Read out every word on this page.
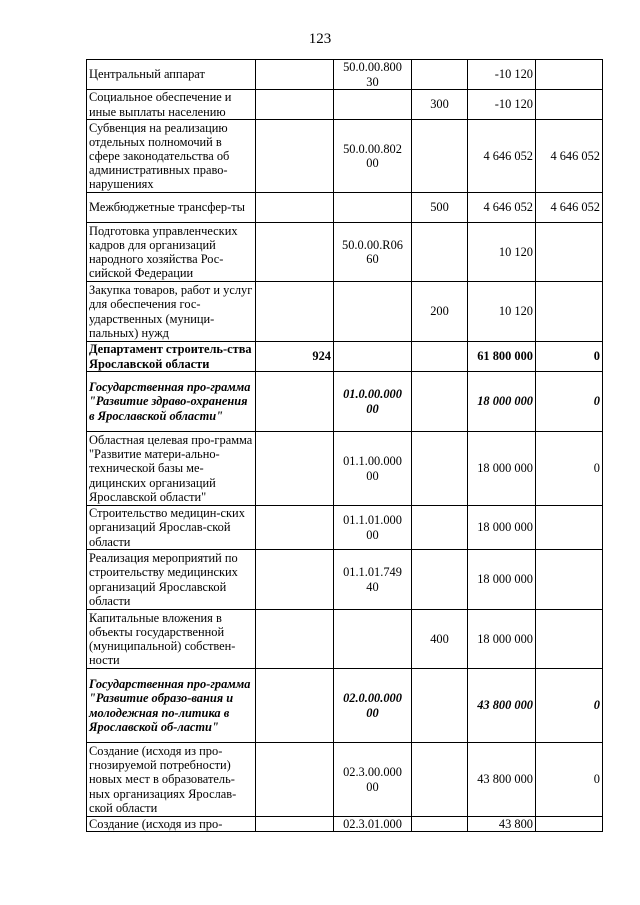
123
Центральный аппарат		50.0.00.800 30		-10 120	
Социальное обеспечение и иные выплаты населению			300	-10 120	
Субвенция на реализацию отдельных полномочий в сфере законодательства об административных право-нарушениях		50.0.00.802 00		4 646 052	4 646 052
Межбюджетные трансфер-ты			500	4 646 052	4 646 052
Подготовка управленческих кадров для организаций народного хозяйства Рос-сийской Федерации		50.0.00.R06 60		10 120	
Закупка товаров, работ и услуг для обеспечения гос-ударственных (муници-пальных) нужд			200	10 120	
Департамент строитель-ства Ярославской области	924			61 800 000	0
Государственная про-грамма "Развитие здраво-охранения в Ярославской области"		01.0.00.000 00		18 000 000	0
Областная целевая про-грамма "Развитие матери-ально-технической базы ме-дицинских организаций Ярославской области"		01.1.00.000 00		18 000 000	0
Строительство медицин-ских организаций Ярослав-ской области		01.1.01.000 00		18 000 000	
Реализация мероприятий по строительству медицинских организаций Ярославской области		01.1.01.749 40		18 000 000	
Капитальные вложения в объекты государственной (муниципальной) собствен-ности			400	18 000 000	
Государственная про-грамма "Развитие образо-вания и молодежная по-литика в Ярославской об-ласти"		02.0.00.000 00		43 800 000	0
Создание (исходя из про-гнозируемой потребности) новых мест в образователь-ных организациях Ярослав-ской области		02.3.00.000 00		43 800 000	0
Создание (исходя из про-		02.3.01.000		43 800	
